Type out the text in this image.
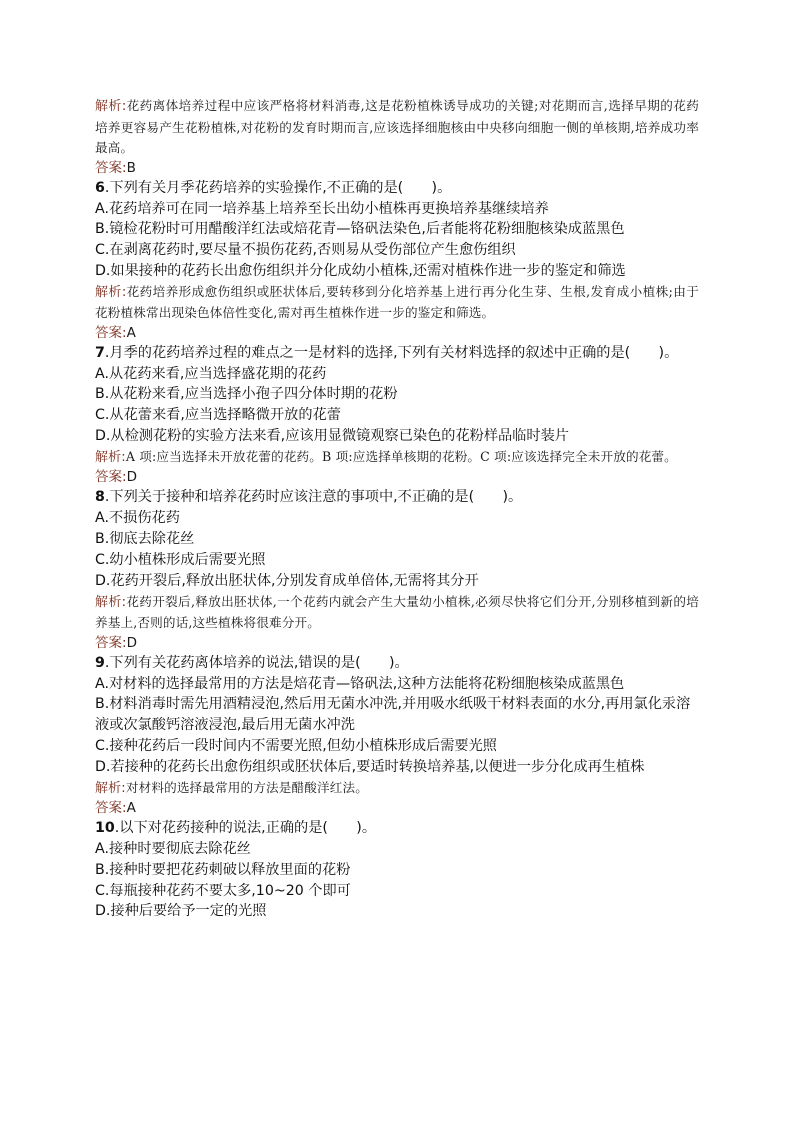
解析:花药离体培养过程中应该严格将材料消毒,这是花粉植株诱导成功的关键;对花期而言,选择早期的花药培养更容易产生花粉植株,对花粉的发育时期而言,应该选择细胞核由中央移向细胞一侧的单核期,培养成功率最高。

答案:B

6.下列有关月季花药培养的实验操作,不正确的是(　　)。

A.花药培养可在同一培养基上培养至长出幼小植株再更换培养基继续培养

B.镜检花粉时可用醋酸洋红法或焙花青—铬矾法染色,后者能将花粉细胞核染成蓝黑色

C.在剥离花药时,要尽量不损伤花药,否则易从受伤部位产生愈伤组织

D.如果接种的花药长出愈伤组织并分化成幼小植株,还需对植株作进一步的鉴定和筛选

解析:花药培养形成愈伤组织或胚状体后,要转移到分化培养基上进行再分化生芽、生根,发育成小植株;由于花粉植株常出现染色体倍性变化,需对再生植株作进一步的鉴定和筛选。

答案:A

7.月季的花药培养过程的难点之一是材料的选择,下列有关材料选择的叙述中正确的是(　　)。

A.从花药来看,应当选择盛花期的花药

B.从花粉来看,应当选择小孢子四分体时期的花粉

C.从花蕾来看,应当选择略微开放的花蕾

D.从检测花粉的实验方法来看,应该用显微镜观察已染色的花粉样品临时装片

解析:A 项:应当选择未开放花蕾的花药。B 项:应选择单核期的花粉。C 项:应该选择完全未开放的花蕾。

答案:D

8.下列关于接种和培养花药时应该注意的事项中,不正确的是(　　)。

A.不损伤花药

B.彻底去除花丝

C.幼小植株形成后需要光照

D.花药开裂后,释放出胚状体,分别发育成单倍体,无需将其分开

解析:花药开裂后,释放出胚状体,一个花药内就会产生大量幼小植株,必须尽快将它们分开,分别移植到新的培养基上,否则的话,这些植株将很难分开。

答案:D

9.下列有关花药离体培养的说法,错误的是(　　)。

A.对材料的选择最常用的方法是焙花青—铬矾法,这种方法能将花粉细胞核染成蓝黑色

B.材料消毒时需先用酒精浸泡,然后用无菌水冲洗,并用吸水纸吸干材料表面的水分,再用氯化汞溶液或次氯酸钙溶液浸泡,最后用无菌水冲洗

C.接种花药后一段时间内不需要光照,但幼小植株形成后需要光照

D.若接种的花药长出愈伤组织或胚状体后,要适时转换培养基,以便进一步分化成再生植株

解析:对材料的选择最常用的方法是醋酸洋红法。

答案:A

10.以下对花药接种的说法,正确的是(　　)。

A.接种时要彻底去除花丝

B.接种时要把花药刺破以释放里面的花粉

C.每瓶接种花药不要太多,10~20 个即可

D.接种后要给予一定的光照
